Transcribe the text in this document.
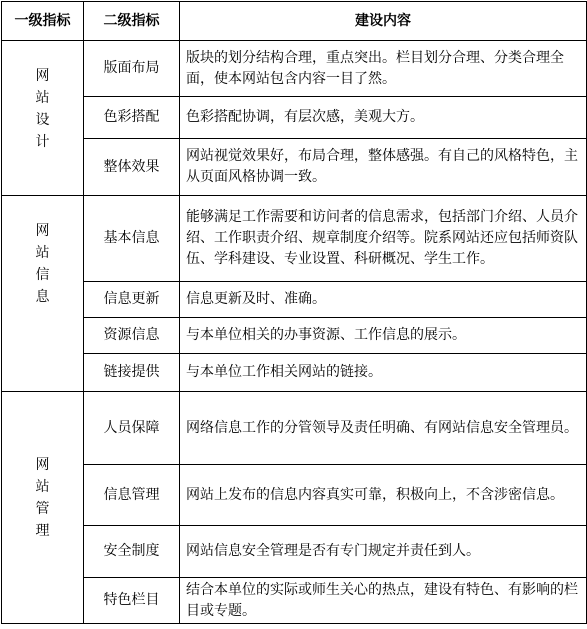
一级指标	二级指标	建设内容
网站设计	版面布局	版块的划分结构合理，重点突出。栏目划分合理、分类合理全面，使本网站包含内容一目了然。
	色彩搭配	色彩搭配协调，有层次感，美观大方。
	整体效果	网站视觉效果好，布局合理，整体感强。有自己的风格特色，主从页面风格协调一致。
网站信息	基本信息	能够满足工作需要和访问者的信息需求，包括部门介绍、人员介绍、工作职责介绍、规章制度介绍等。院系网站还应包括师资队伍、学科建设、专业设置、科研概况、学生工作。
	信息更新	信息更新及时、准确。
	资源信息	与本单位相关的办事资源、工作信息的展示。
	链接提供	与本单位工作相关网站的链接。
网站管理	人员保障	网络信息工作的分管领导及责任明确、有网站信息安全管理员。
	信息管理	网站上发布的信息内容真实可靠，积极向上，不含涉密信息。
	安全制度	网站信息安全管理是否有专门规定并责任到人。
	特色栏目	结合本单位的实际或师生关心的热点，建设有特色、有影响的栏目或专题。
